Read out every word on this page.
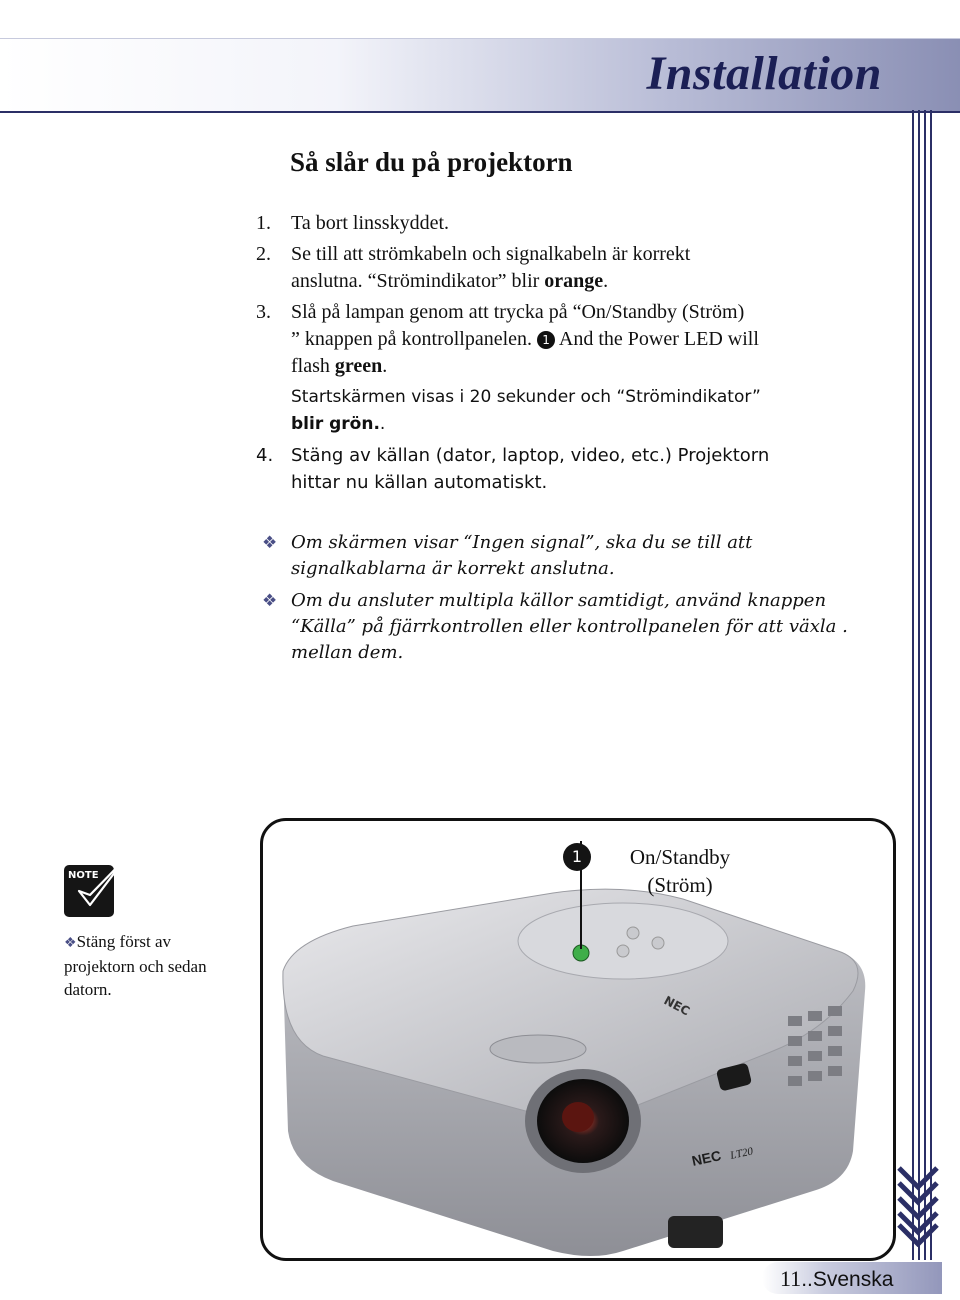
Installation
Så slår du på projektorn
1. Ta bort linsskyddet.
2. Se till att strömkabeln och signalkabeln är korrekt
anslutna. “Strömindikator” blir orange.
3. Slå på lampan genom att trycka på “On/Standby (Ström)
” knappen på kontrollpanelen. 1 And the Power LED will
flash green.
Startskärmen visas i 20 sekunder och “Strömindikator”
blir grön..
4. Stäng av källan (dator, laptop, video, etc.) Projektorn
hittar nu källan automatiskt.
❖ Om skärmen visar “Ingen signal”, ska du se till att signalkablarna är korrekt anslutna.
❖ Om du ansluter multipla källor samtidigt, använd knappen “Källa” på fjärrkontrollen eller kontrollpanelen för att växla . mellan dem.
NOTE
❖Stäng först av projektorn och sedan datorn.
NEC
NEC LT20
1	On/Standby
(Ström)
11..Svenska
